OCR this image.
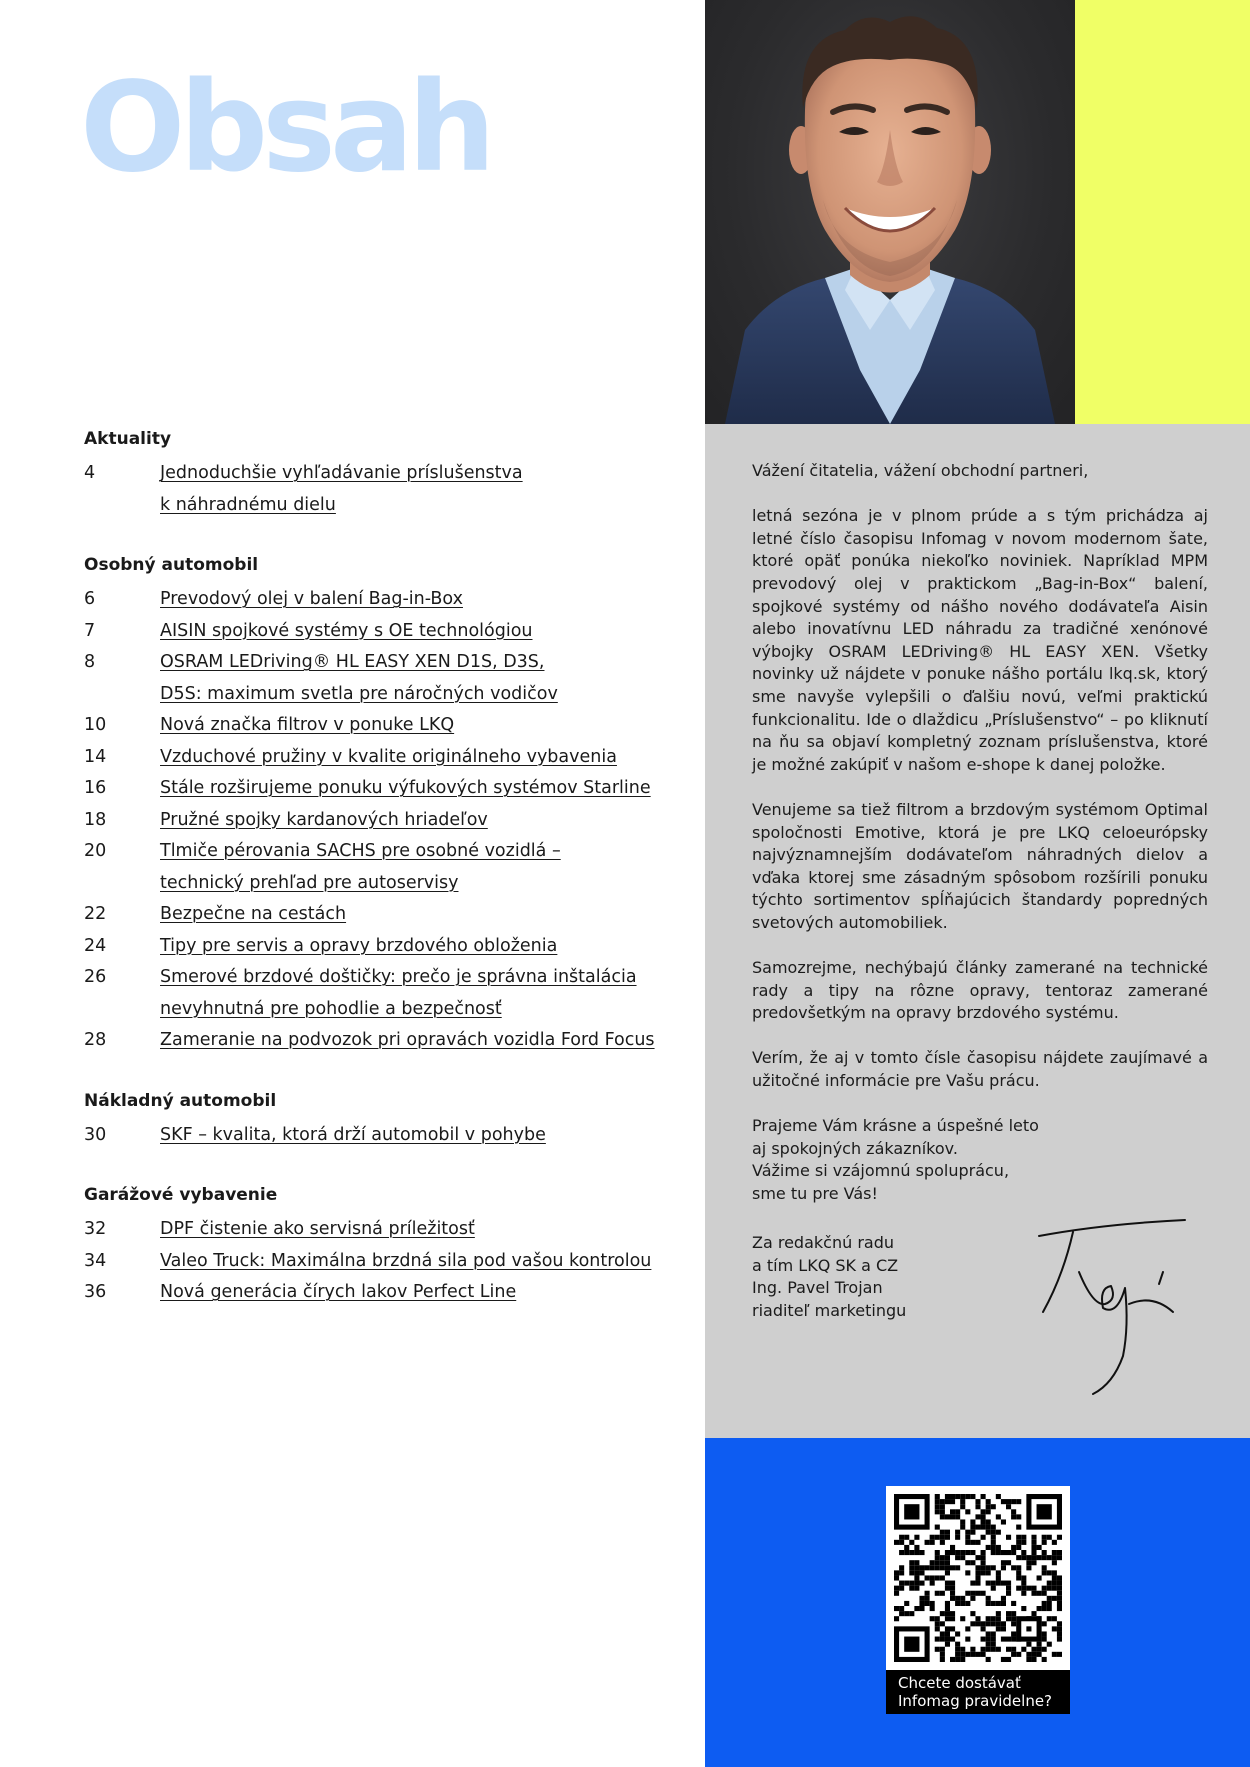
Obsah
Aktuality
4	Jednoduchšie vyhľadávanie príslušenstva
k náhradnému dielu
Osobný automobil
6	Prevodový olej v balení Bag-in-Box
7	AISIN spojkové systémy s OE technológiou
8	OSRAM LEDriving® HL EASY XEN D1S, D3S,
D5S: maximum svetla pre náročných vodičov
10	Nová značka filtrov v ponuke LKQ
14	Vzduchové pružiny v kvalite originálneho vybavenia
16	Stále rozširujeme ponuku výfukových systémov Starline
18	Pružné spojky kardanových hriadeľov
20	Tlmiče pérovania SACHS pre osobné vozidlá –
technický prehľad pre autoservisy
22	Bezpečne na cestách
24	Tipy pre servis a opravy brzdového obloženia
26	Smerové brzdové doštičky: prečo je správna inštalácia
nevyhnutná pre pohodlie a bezpečnosť
28	Zameranie na podvozok pri opravách vozidla Ford Focus
Nákladný automobil
30	SKF – kvalita, ktorá drží automobil v pohybe
Garážové vybavenie
32	DPF čistenie ako servisná príležitosť
34	Valeo Truck: Maximálna brzdná sila pod vašou kontrolou
36	Nová generácia čírych lakov Perfect Line

Vážení čitatelia, vážení obchodní partneri,

letná sezóna je v plnom prúde a s tým prichádza aj letné číslo časopisu Infomag v novom modernom šate, ktoré opäť ponúka niekoľko noviniek. Napríklad MPM prevodový olej v praktickom „Bag-in-Box“ balení, spojkové systémy od nášho nového dodávateľa Aisin alebo inovatívnu LED náhradu za tradičné xenónové výbojky OSRAM LEDriving® HL EASY XEN. Všetky novinky už nájdete v ponuke nášho portálu lkq.sk, ktorý sme navyše vylepšili o ďalšiu novú, veľmi praktickú funkcionalitu. Ide o dlaždicu „Príslušenstvo“ – po kliknutí na ňu sa objaví kompletný zoznam príslušenstva, ktoré je možné zakúpiť v našom e-shope k danej položke.

Venujeme sa tiež filtrom a brzdovým systémom Optimal spoločnosti Emotive, ktorá je pre LKQ celoeurópsky najvýznamnejším dodávateľom náhradných dielov a vďaka ktorej sme zásadným spôsobom rozšírili ponuku týchto sortimentov spĺňajúcich štandardy popredných svetových automobiliek.

Samozrejme, nechýbajú články zamerané na technické rady a tipy na rôzne opravy, tentoraz zamerané predovšetkým na opravy brzdového systému.

Verím, že aj v tomto čísle časopisu nájdete zaujímavé a užitočné informácie pre Vašu prácu.

Prajeme Vám krásne a úspešné leto
aj spokojných zákazníkov.
Vážime si vzájomnú spoluprácu,
sme tu pre Vás!
Za redakčnú radu
a tím LKQ SK a CZ
Ing. Pavel Trojan
riaditeľ marketingu
Chcete dostávať
Infomag pravidelne?
